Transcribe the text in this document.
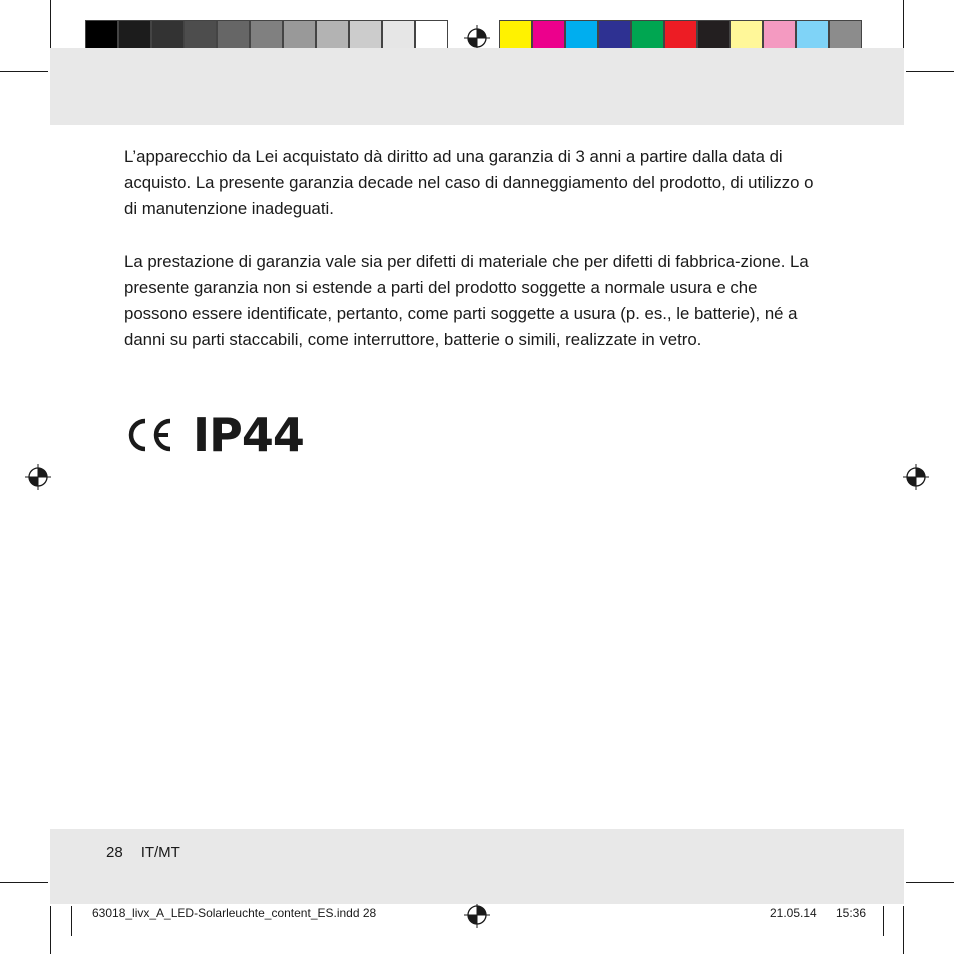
L’apparecchio da Lei acquistato dà diritto ad una garanzia di 3 anni a partire dalla data di acquisto. La presente garanzia decade nel caso di danneggiamento del prodotto, di utilizzo o di manutenzione inadeguati.

La prestazione di garanzia vale sia per difetti di materiale che per difetti di fabbrica-zione. La presente garanzia non si estende a parti del prodotto soggette a normale usura e che possono essere identificate, pertanto, come parti soggette a usura (p. es., le batterie), né a danni su parti staccabili, come interruttore, batterie o simili, realizzate in vetro.

IP44
28 IT/MT
63018_livx_A_LED-Solarleuchte_content_ES.indd 28	21.05.14 15:36
